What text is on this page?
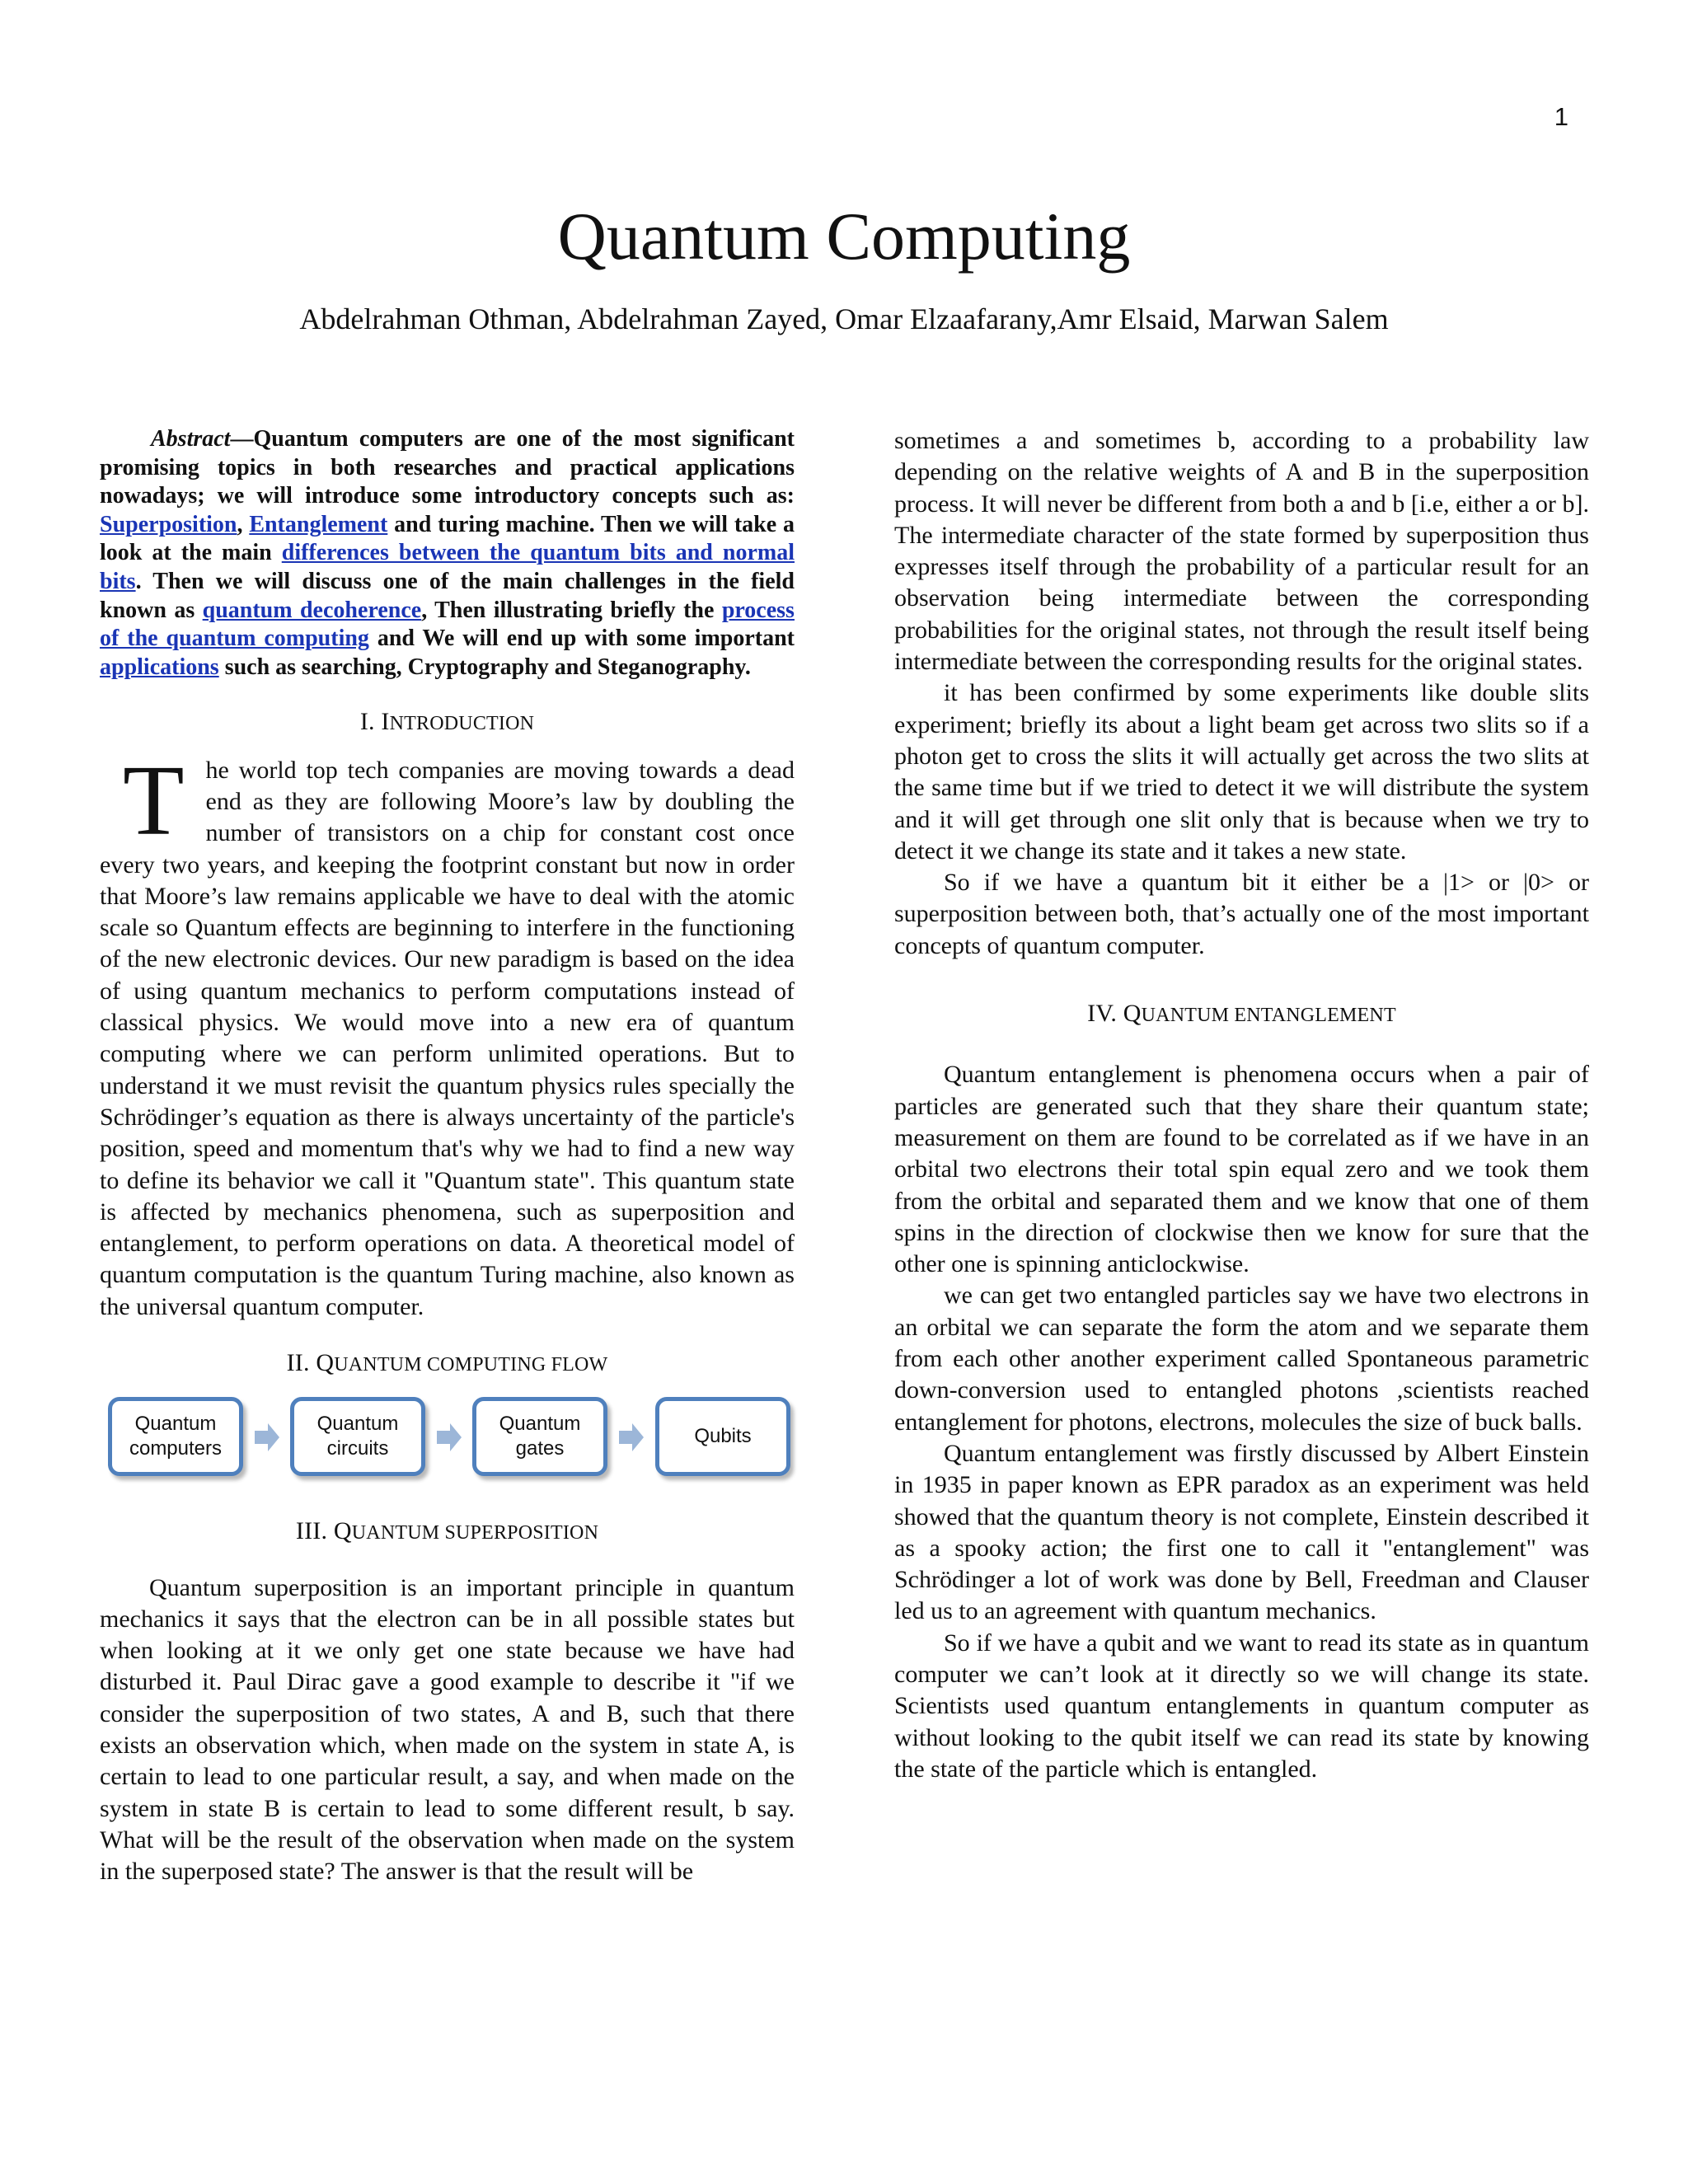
1
Quantum Computing
Abdelrahman Othman, Abdelrahman Zayed, Omar Elzaafarany,Amr Elsaid, Marwan Salem

Abstract—Quantum computers are one of the most significant promising topics in both researches and practical applications nowadays; we will introduce some introductory concepts such as: Superposition, Entanglement and turing machine. Then we will take a look at the main differences between the quantum bits and normal bits. Then we will discuss one of the main challenges in the field known as quantum decoherence, Then illustrating briefly the process of the quantum computing and We will end up with some important applications such as searching, Cryptography and Steganography.

I. INTRODUCTION

The world top tech companies are moving towards a dead end as they are following Moore’s law by doubling the number of transistors on a chip for constant cost once every two years, and keeping the footprint constant but now in order that Moore’s law remains applicable we have to deal with the atomic scale so Quantum effects are beginning to interfere in the functioning of the new electronic devices. Our new paradigm is based on the idea of using quantum mechanics to perform computations instead of classical physics. We would move into a new era of quantum computing where we can perform unlimited operations. But to understand it we must revisit the quantum physics rules specially the Schrödinger’s equation as there is always uncertainty of the particle's position, speed and momentum that's why we had to find a new way to define its behavior we call it "Quantum state". This quantum state is affected by mechanics phenomena, such as superposition and entanglement, to perform operations on data. A theoretical model of quantum computation is the quantum Turing machine, also known as the universal quantum computer.

II. QUANTUM COMPUTING FLOW
Quantum
computers
Quantum
circuits
Quantum
gates
Qubits
III. QUANTUM SUPERPOSITION

Quantum superposition is an important principle in quantum mechanics it says that the electron can be in all possible states but when looking at it we only get one state because we have had disturbed it. Paul Dirac gave a good example to describe it "if we consider the superposition of two states, A and B, such that there exists an observation which, when made on the system in state A, is certain to lead to one particular result, a say, and when made on the system in state B is certain to lead to some different result, b say. What will be the result of the observation when made on the system in the superposed state? The answer is that the result will be

sometimes a and sometimes b, according to a probability law depending on the relative weights of A and B in the superposition process. It will never be different from both a and b [i.e, either a or b]. The intermediate character of the state formed by superposition thus expresses itself through the probability of a particular result for an observation being intermediate between the corresponding probabilities for the original states, not through the result itself being intermediate between the corresponding results for the original states.

it has been confirmed by some experiments like double slits experiment; briefly its about a light beam get across two slits so if a photon get to cross the slits it will actually get across the two slits at the same time but if we tried to detect it we will distribute the system and it will get through one slit only that is because when we try to detect it we change its state and it takes a new state.

So if we have a quantum bit it either be a |1> or |0> or superposition between both, that’s actually one of the most important concepts of quantum computer.

IV. QUANTUM ENTANGLEMENT

Quantum entanglement is phenomena occurs when a pair of particles are generated such that they share their quantum state; measurement on them are found to be correlated as if we have in an orbital two electrons their total spin equal zero and we took them from the orbital and separated them and we know that one of them spins in the direction of clockwise then we know for sure that the other one is spinning anticlockwise.

we can get two entangled particles say we have two electrons in an orbital we can separate the form the atom and we separate them from each other another experiment called Spontaneous parametric down-conversion used to entangled photons ,scientists reached entanglement for photons, electrons, molecules the size of buck balls.

Quantum entanglement was firstly discussed by Albert Einstein in 1935 in paper known as EPR paradox as an experiment was held showed that the quantum theory is not complete, Einstein described it as a spooky action; the first one to call it "entanglement" was Schrödinger a lot of work was done by Bell, Freedman and Clauser led us to an agreement with quantum mechanics.

So if we have a qubit and we want to read its state as in quantum computer we can’t look at it directly so we will change its state. Scientists used quantum entanglements in quantum computer as without looking to the qubit itself we can read its state by knowing the state of the particle which is entangled.
